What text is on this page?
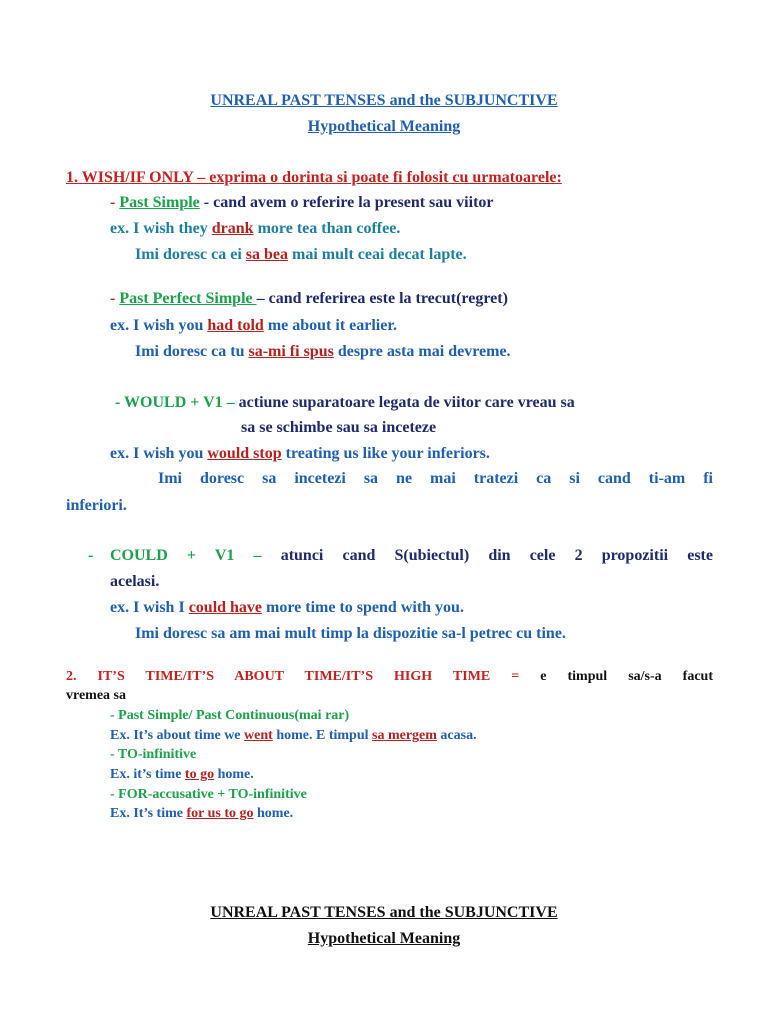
UNREAL PAST TENSES and the SUBJUNCTIVE
Hypothetical Meaning
1. WISH/IF ONLY – exprima o dorinta si poate fi folosit cu urmatoarele:
- Past Simple - cand avem o referire la present sau viitor
ex. I wish they drank more tea than coffee.
Imi doresc ca ei sa bea mai mult ceai decat lapte.
- Past Perfect Simple – cand referirea este la trecut(regret)
ex. I wish you had told me about it earlier.
Imi doresc ca tu sa-mi fi spus despre asta mai devreme.
- WOULD + V1 – actiune suparatoare legata de viitor care vreau sa
sa se schimbe sau sa inceteze
ex. I wish you would stop treating us like your inferiors.
Imi doresc sa incetezi sa ne mai tratezi ca si cand ti-am fi
inferiori.
- COULD + V1 – atunci cand S(ubiectul) din cele 2 propozitii este
acelasi.
ex. I wish I could have more time to spend with you.
Imi doresc sa am mai mult timp la dispozitie sa-l petrec cu tine.
2. IT’S TIME/IT’S ABOUT TIME/IT’S HIGH TIME = e timpul sa/s-a facut
vremea sa
- Past Simple/ Past Continuous(mai rar)
Ex. It’s about time we went home. E timpul sa mergem acasa.
- TO-infinitive
Ex. it’s time to go home.
- FOR-accusative + TO-infinitive
Ex. It’s time for us to go home.
UNREAL PAST TENSES and the SUBJUNCTIVE
Hypothetical Meaning
